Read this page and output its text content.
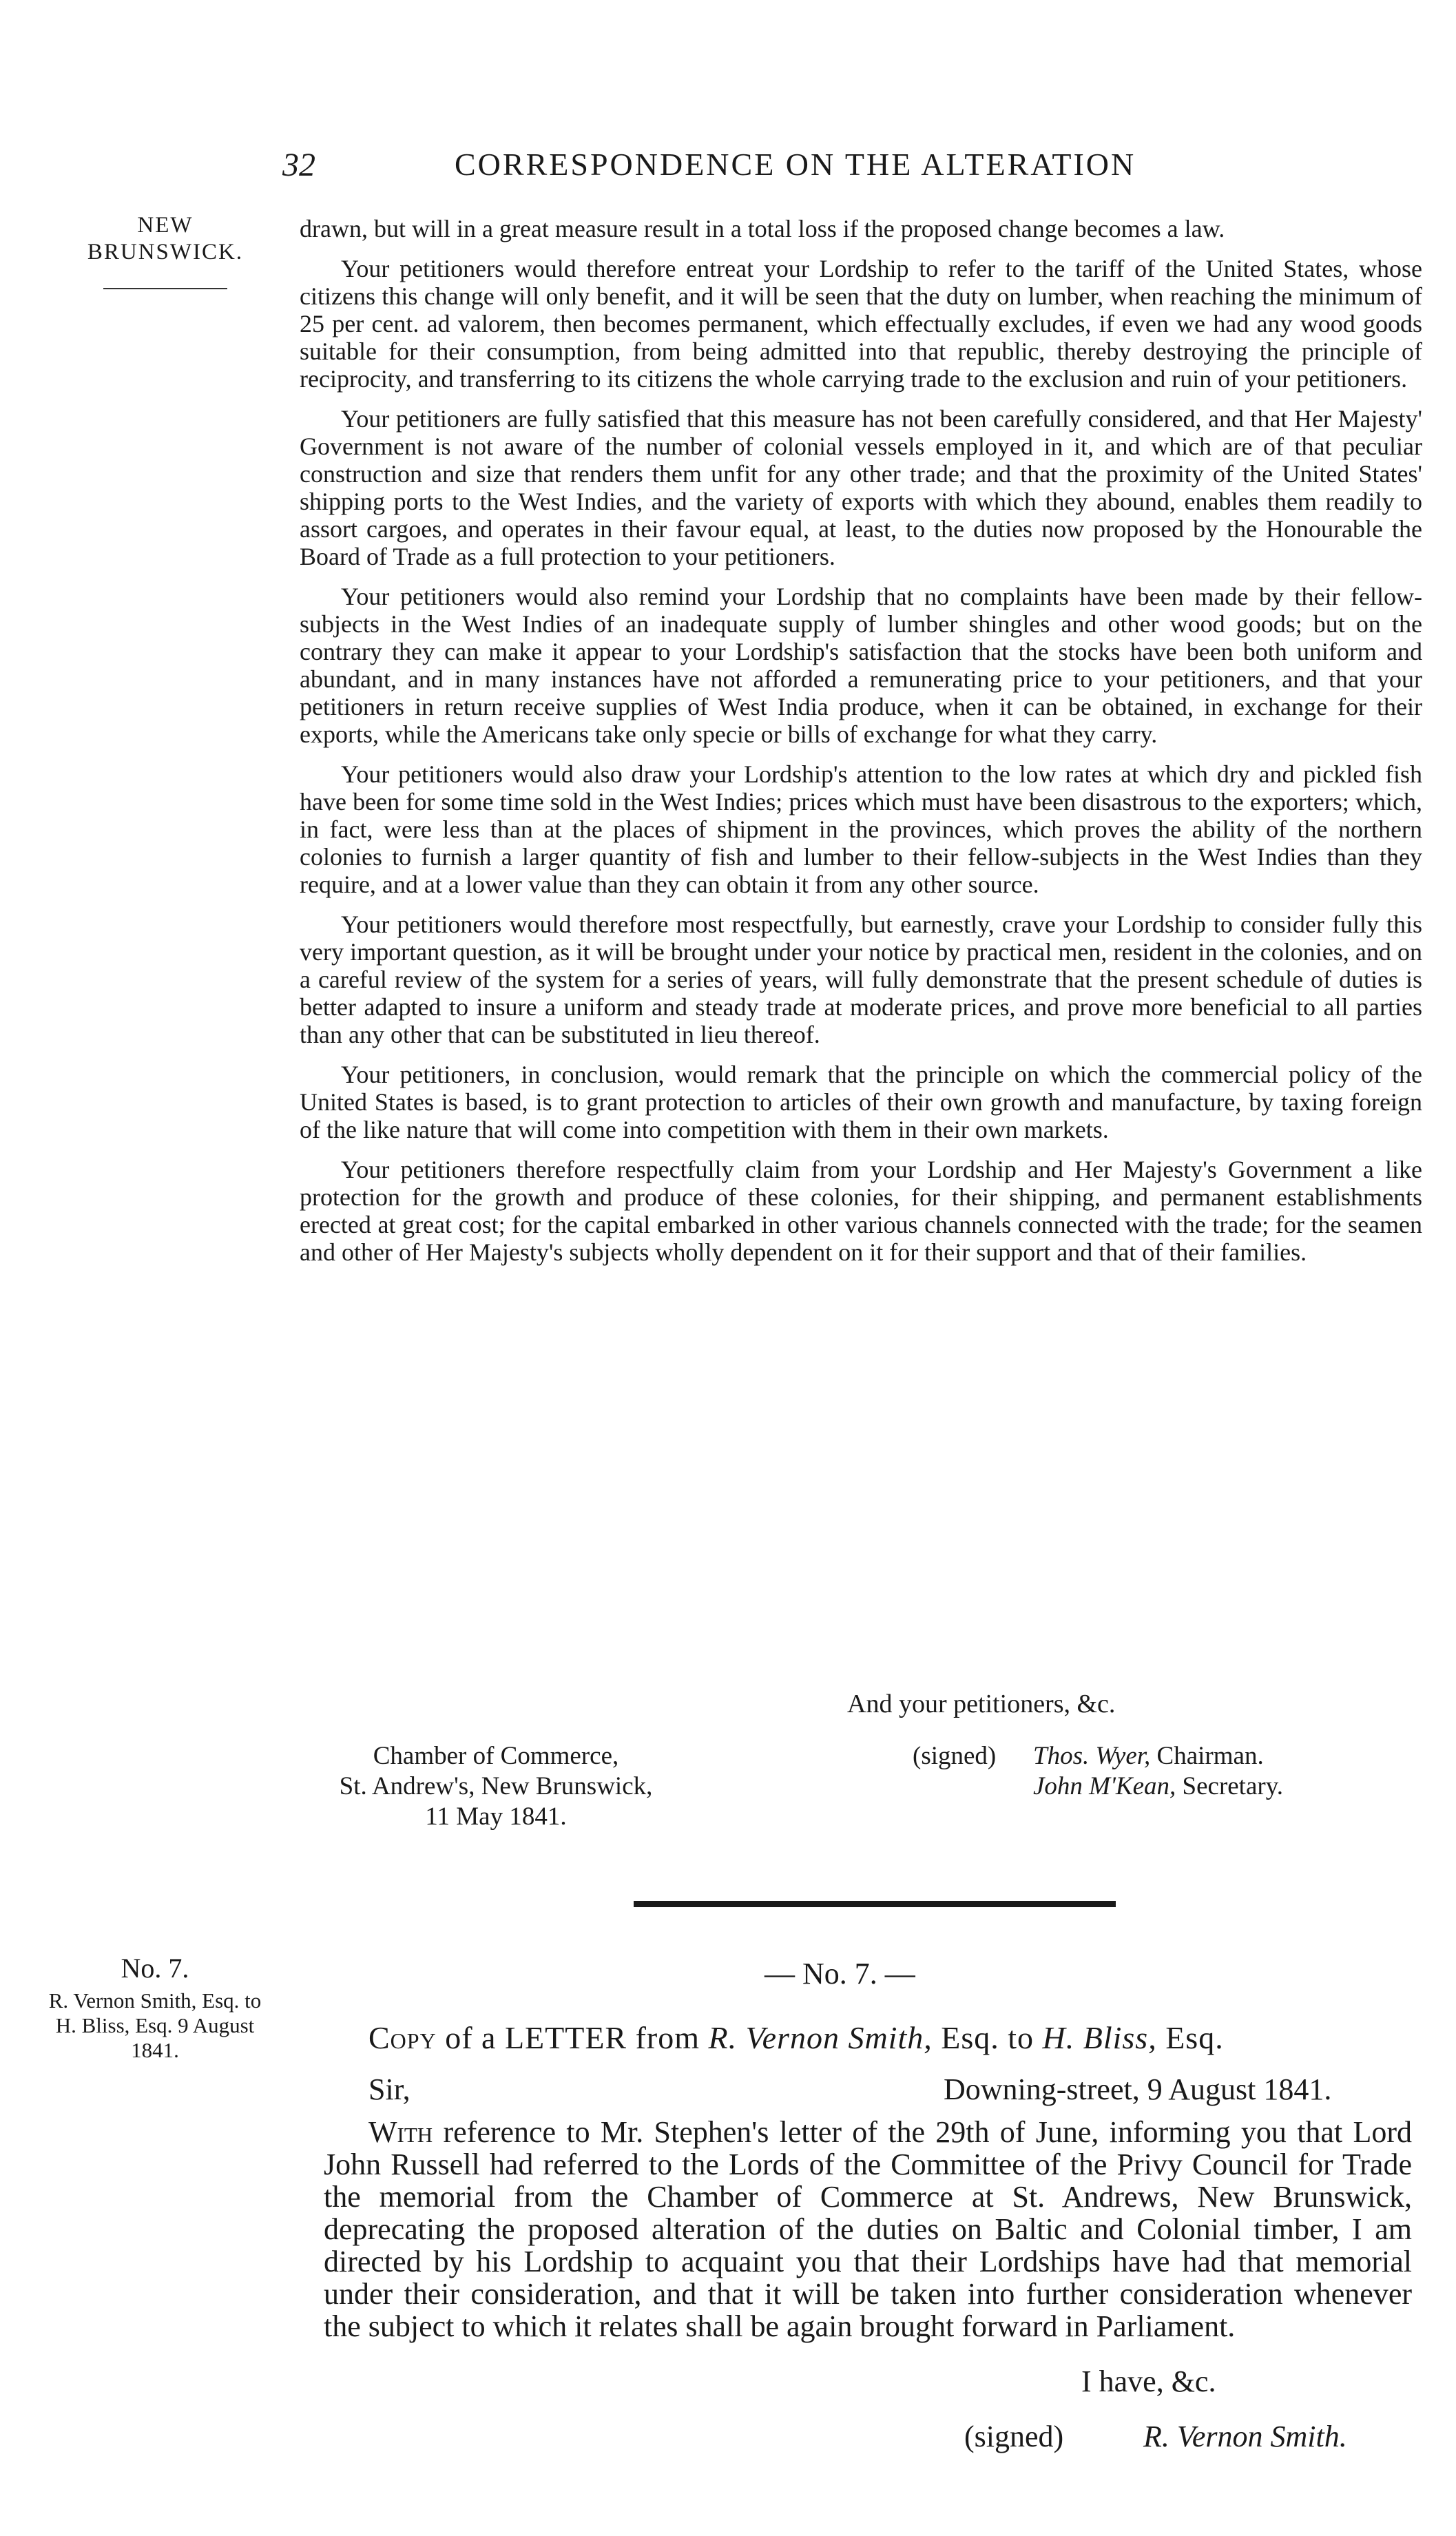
32	CORRESPONDENCE ON THE ALTERATION
NEW BRUNSWICK.

drawn, but will in a great measure result in a total loss if the proposed change becomes a law.

Your petitioners would therefore entreat your Lordship to refer to the tariff of the United States, whose citizens this change will only benefit, and it will be seen that the duty on lumber, when reaching the minimum of 25 per cent. ad valorem, then becomes permanent, which effectually excludes, if even we had any wood goods suitable for their consumption, from being admitted into that republic, thereby destroying the principle of reciprocity, and transferring to its citizens the whole carrying trade to the exclusion and ruin of your petitioners.

Your petitioners are fully satisfied that this measure has not been carefully considered, and that Her Majesty' Government is not aware of the number of colonial vessels employed in it, and which are of that peculiar construction and size that renders them unfit for any other trade; and that the proximity of the United States' shipping ports to the West Indies, and the variety of exports with which they abound, enables them readily to assort cargoes, and operates in their favour equal, at least, to the duties now proposed by the Honourable the Board of Trade as a full protection to your petitioners.

Your petitioners would also remind your Lordship that no complaints have been made by their fellow-subjects in the West Indies of an inadequate supply of lumber shingles and other wood goods; but on the contrary they can make it appear to your Lordship's satisfaction that the stocks have been both uniform and abundant, and in many instances have not afforded a remunerating price to your petitioners, and that your petitioners in return receive supplies of West India produce, when it can be obtained, in exchange for their exports, while the Americans take only specie or bills of exchange for what they carry.

Your petitioners would also draw your Lordship's attention to the low rates at which dry and pickled fish have been for some time sold in the West Indies; prices which must have been disastrous to the exporters; which, in fact, were less than at the places of shipment in the provinces, which proves the ability of the northern colonies to furnish a larger quantity of fish and lumber to their fellow-subjects in the West Indies than they require, and at a lower value than they can obtain it from any other source.

Your petitioners would therefore most respectfully, but earnestly, crave your Lordship to consider fully this very important question, as it will be brought under your notice by practical men, resident in the colonies, and on a careful review of the system for a series of years, will fully demonstrate that the present schedule of duties is better adapted to insure a uniform and steady trade at moderate prices, and prove more beneficial to all parties than any other that can be substituted in lieu thereof.

Your petitioners, in conclusion, would remark that the principle on which the commercial policy of the United States is based, is to grant protection to articles of their own growth and manufacture, by taxing foreign of the like nature that will come into competition with them in their own markets.

Your petitioners therefore respectfully claim from your Lordship and Her Majesty's Government a like protection for the growth and produce of these colonies, for their shipping, and permanent establishments erected at great cost; for the capital embarked in other various channels connected with the trade; for the seamen and other of Her Majesty's subjects wholly dependent on it for their support and that of their families.

And your petitioners, &c.
Chamber of Commerce,
St. Andrew's, New Brunswick,
11 May 1841.
(signed) Thos. Wyer, Chairman.
John M'Kean, Secretary.
No. 7.
R. Vernon Smith, Esq. to H. Bliss, Esq. 9 August 1841.
— No. 7. —
Copy of a LETTER from R. Vernon Smith, Esq. to H. Bliss, Esq.
Sir,	Downing-street, 9 August 1841.
With reference to Mr. Stephen's letter of the 29th of June, informing you that Lord John Russell had referred to the Lords of the Committee of the Privy Council for Trade the memorial from the Chamber of Commerce at St. Andrews, New Brunswick, deprecating the proposed alteration of the duties on Baltic and Colonial timber, I am directed by his Lordship to acquaint you that their Lordships have had that memorial under their consideration, and that it will be taken into further consideration whenever the subject to which it relates shall be again brought forward in Parliament.
I have, &c.
(signed)	R. Vernon Smith.
